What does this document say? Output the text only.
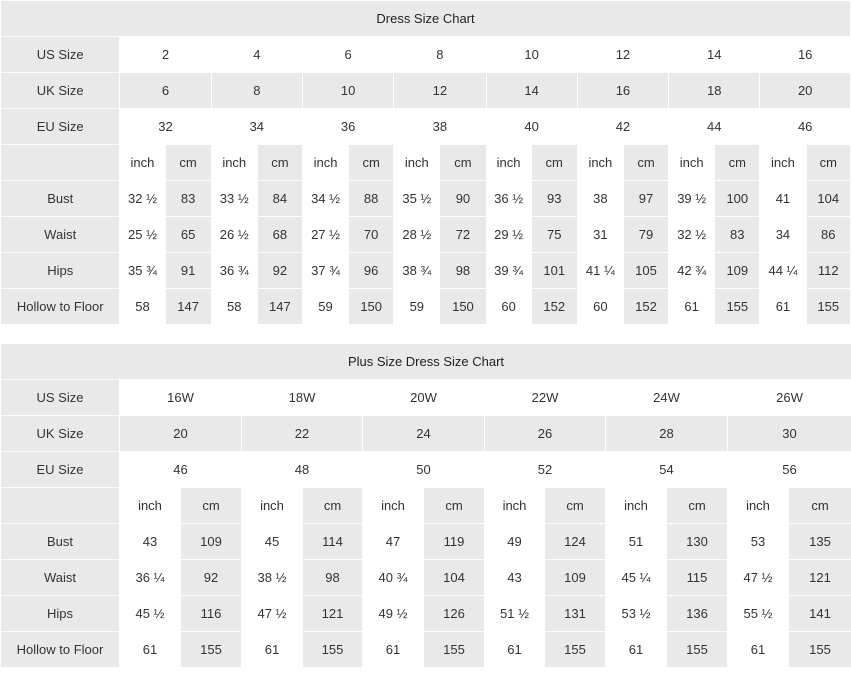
Dress Size Chart																
US Size	2		4		6		8		10		12		14		16	
UK Size	6		8		10		12		14		16		18		20	
EU Size	32		34		36		38		40		42		44		46	
	inch	cm	inch	cm	inch	cm	inch	cm	inch	cm	inch	cm	inch	cm	inch	cm
Bust	32 ½	83	33 ½	84	34 ½	88	35 ½	90	36 ½	93	38	97	39 ½	100	41	104
Waist	25 ½	65	26 ½	68	27 ½	70	28 ½	72	29 ½	75	31	79	32 ½	83	34	86
Hips	35 ¾	91	36 ¾	92	37 ¾	96	38 ¾	98	39 ¾	101	41 ¼	105	42 ¾	109	44 ¼	112
Hollow to Floor	58	147	58	147	59	150	59	150	60	152	60	152	61	155	61	155
Plus Size Dress Size Chart												
US Size	16W		18W		20W		22W		24W		26W	
UK Size	20		22		24		26		28		30	
EU Size	46		48		50		52		54		56	
	inch	cm	inch	cm	inch	cm	inch	cm	inch	cm	inch	cm
Bust	43	109	45	114	47	119	49	124	51	130	53	135
Waist	36 ¼	92	38 ½	98	40 ¾	104	43	109	45 ¼	115	47 ½	121
Hips	45 ½	116	47 ½	121	49 ½	126	51 ½	131	53 ½	136	55 ½	141
Hollow to Floor	61	155	61	155	61	155	61	155	61	155	61	155
